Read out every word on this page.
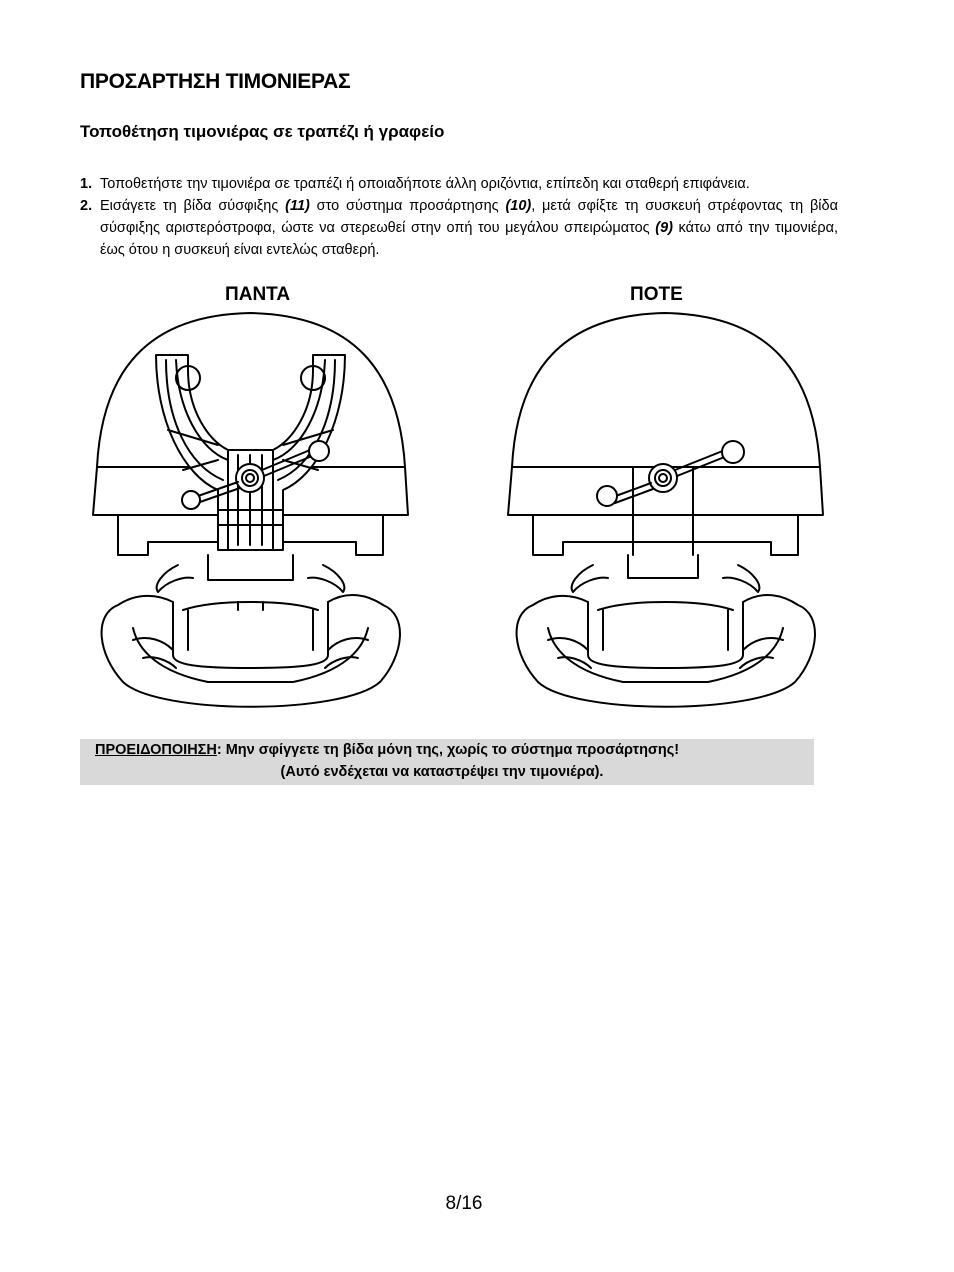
ΠΡΟΣΑΡΤΗΣΗ ΤΙΜΟΝΙΕΡΑΣ
Τοποθέτηση τιμονιέρας σε τραπέζι ή γραφείο
1. Τοποθετήστε την τιμονιέρα σε τραπέζι ή οποιαδήποτε άλλη οριζόντια, επίπεδη και σταθερή επιφάνεια.
2. Εισάγετε τη βίδα σύσφιξης (11) στο σύστημα προσάρτησης (10), μετά σφίξτε τη συσκευή στρέφοντας τη βίδα σύσφιξης αριστερόστροφα, ώστε να στερεωθεί στην οπή του μεγάλου σπειρώματος (9) κάτω από την τιμονιέρα, έως ότου η συσκευή είναι εντελώς σταθερή.
ΠΑΝΤΑ	ΠΟΤΕ
ΠΡΟΕΙΔΟΠΟΙΗΣΗ: Μην σφίγγετε τη βίδα μόνη της, χωρίς το σύστημα προσάρτησης!
(Αυτό ενδέχεται να καταστρέψει την τιμονιέρα).
8/16
